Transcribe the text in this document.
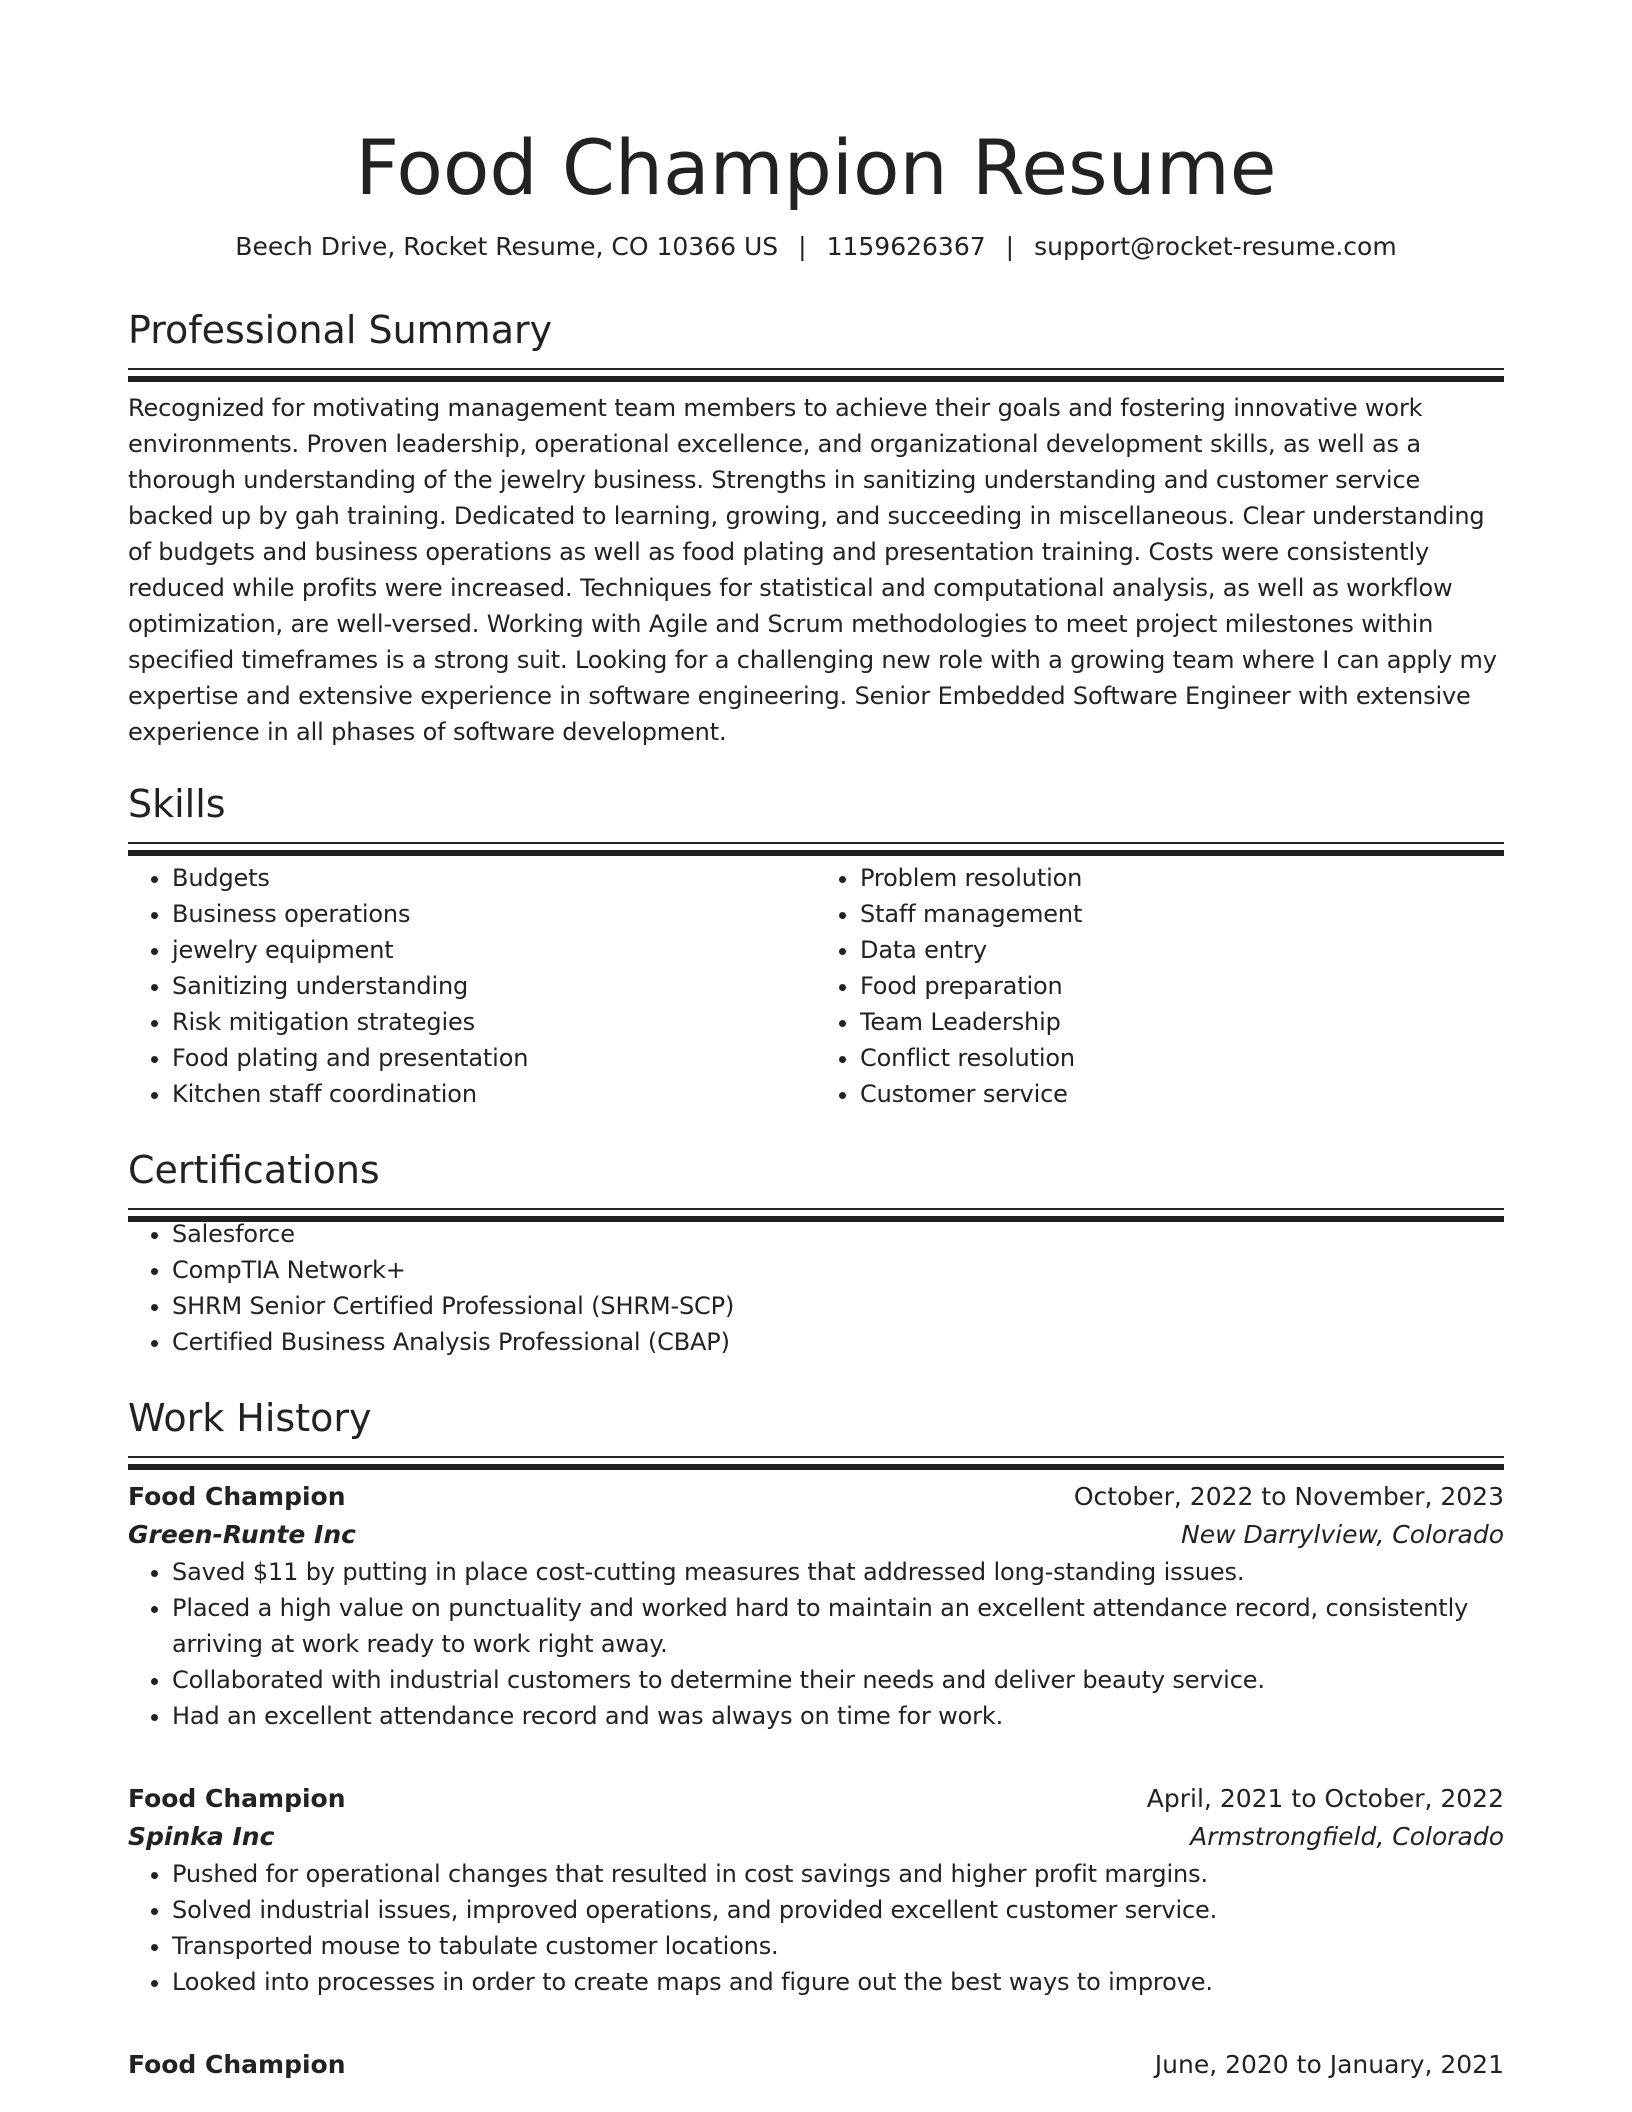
Food Champion Resume
Beech Drive, Rocket Resume, CO 10366 US | 1159626367 | support@rocket-resume.com
Professional Summary

Recognized for motivating management team members to achieve their goals and fostering innovative work environments. Proven leadership, operational excellence, and organizational development skills, as well as a thorough understanding of the jewelry business. Strengths in sanitizing understanding and customer service backed up by gah training. Dedicated to learning, growing, and succeeding in miscellaneous. Clear understanding of budgets and business operations as well as food plating and presentation training. Costs were consistently reduced while profits were increased. Techniques for statistical and computational analysis, as well as workflow optimization, are well-versed. Working with Agile and Scrum methodologies to meet project milestones within specified timeframes is a strong suit. Looking for a challenging new role with a growing team where I can apply my expertise and extensive experience in software engineering. Senior Embedded Software Engineer with extensive experience in all phases of software development.

Skills
• Budgets
• Business operations
• jewelry equipment
• Sanitizing understanding
• Risk mitigation strategies
• Food plating and presentation
• Kitchen staff coordination
• Problem resolution
• Staff management
• Data entry
• Food preparation
• Team Leadership
• Conflict resolution
• Customer service
Certifications
• Salesforce
• CompTIA Network+
• SHRM Senior Certified Professional (SHRM-SCP)
• Certified Business Analysis Professional (CBAP)
Work History
Food Champion	October, 2022 to November, 2023
Green-Runte Inc	New Darrylview, Colorado
• Saved $11 by putting in place cost-cutting measures that addressed long-standing issues.
• Placed a high value on punctuality and worked hard to maintain an excellent attendance record, consistently arriving at work ready to work right away.
• Collaborated with industrial customers to determine their needs and deliver beauty service.
• Had an excellent attendance record and was always on time for work.
Food Champion	April, 2021 to October, 2022
Spinka Inc	Armstrongfield, Colorado
• Pushed for operational changes that resulted in cost savings and higher profit margins.
• Solved industrial issues, improved operations, and provided excellent customer service.
• Transported mouse to tabulate customer locations.
• Looked into processes in order to create maps and figure out the best ways to improve.
Food Champion	June, 2020 to January, 2021
